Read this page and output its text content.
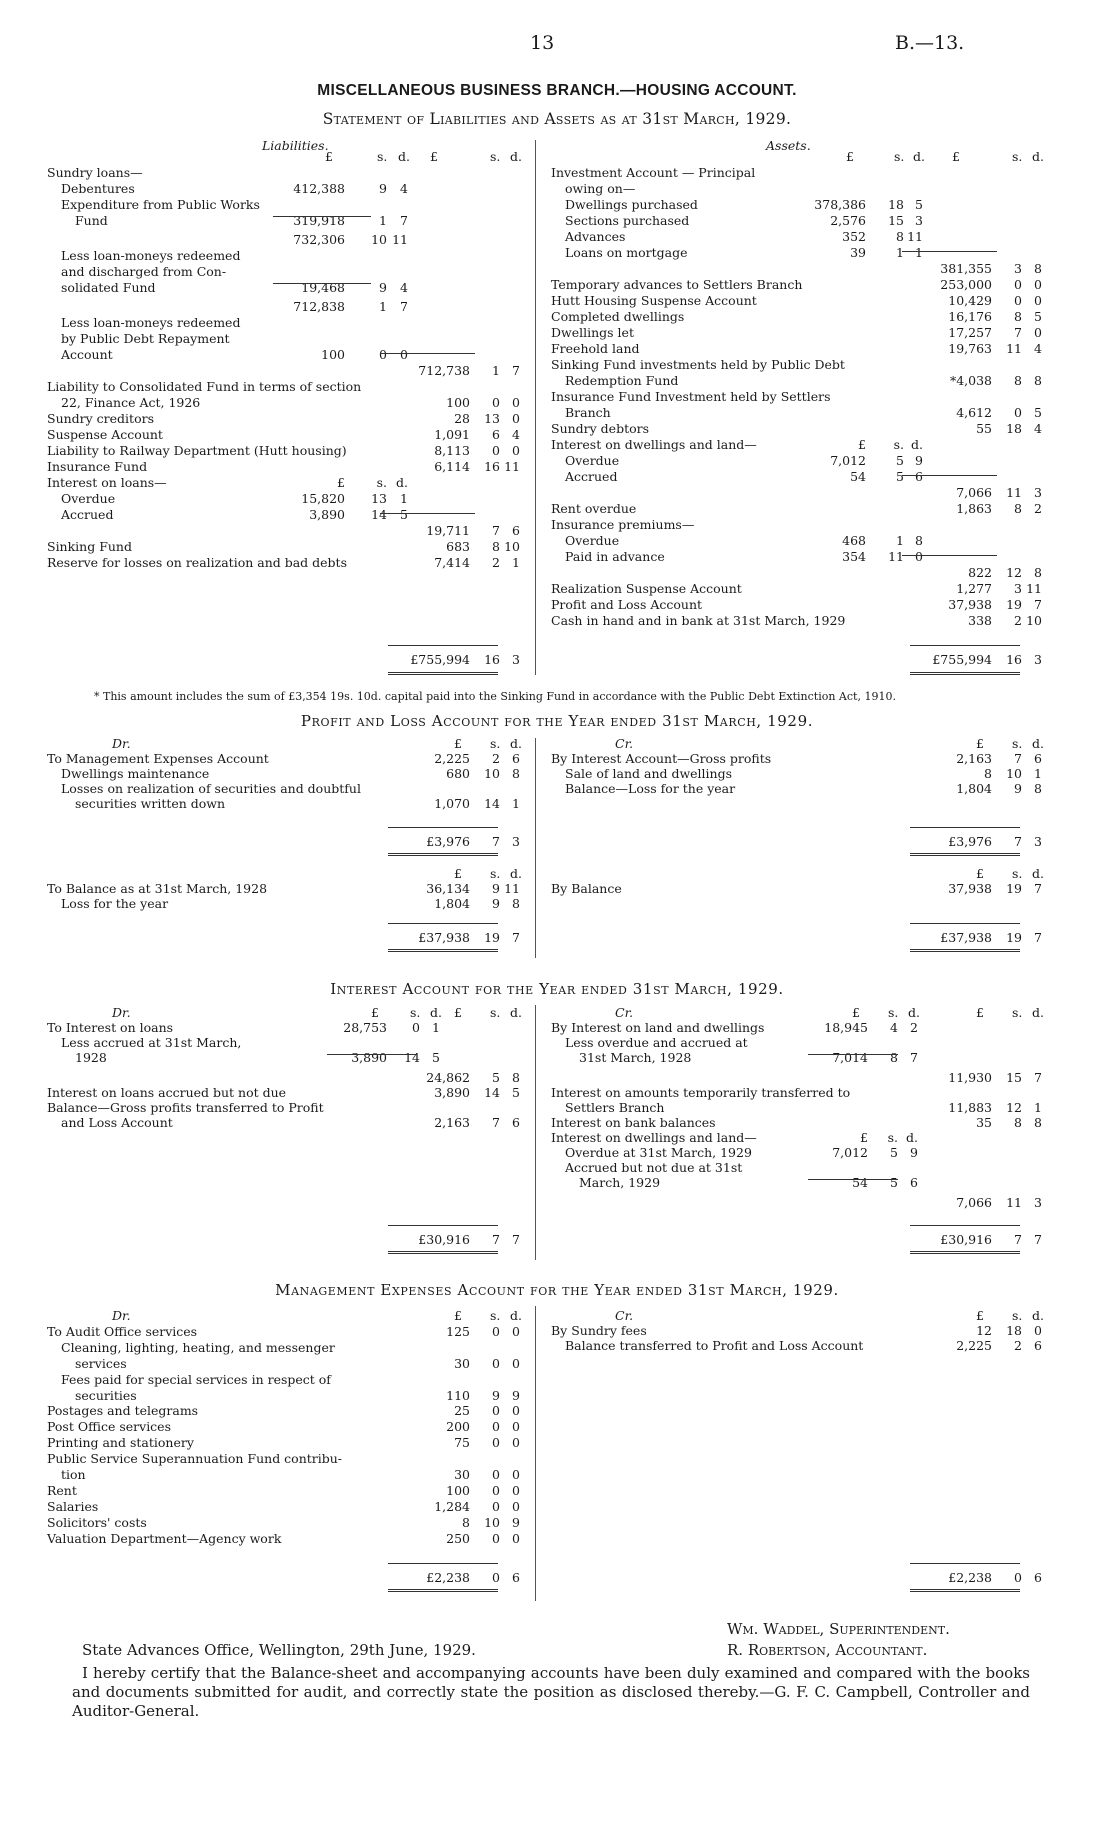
13	B.—13.
MISCELLANEOUS BUSINESS BRANCH.—HOUSING ACCOUNT.
Statement of Liabilities and Assets as at 31st March, 1929.
Liabilities.
£	s. d. £	s. d.
Sundry loans—
Debentures	412,388	9	4
Expenditure from Public Works
Fund	319,918	1	7
732,306	10 11
Less loan-moneys redeemed
and discharged from Con-
solidated Fund	19,468	9	4
712,838	1	7
Less loan-moneys redeemed
by Public Debt Repayment
Account	100	0	0
712,738	1 7
Liability to Consolidated Fund in terms of section
22, Finance Act, 1926	100	0 0
Sundry creditors	28	13 0
Suspense Account	1,091	6 4
Liability to Railway Department (Hutt housing)	8,113	0 0
Insurance Fund	6,114	16 11
Interest on loans—	£	s. d.
Overdue	15,820	13	1
Accrued	3,890	14	5
19,711	7 6
Sinking Fund	683	8 10
Reserve for losses on realization and bad debts	7,414	2 1
£755,994	16 3
Assets.
£	s. d. £	s. d.
Investment Account — Principal
owing on—
Dwellings purchased	378,386	18 5
Sections purchased	2,576	15 3
Advances	352	8 11
Loans on mortgage	39	1 1
381,355	3 8
Temporary advances to Settlers Branch	253,000	0 0
Hutt Housing Suspense Account	10,429	0 0
Completed dwellings	16,176	8 5
Dwellings let	17,257	7 0
Freehold land	19,763	11 4
Sinking Fund investments held by Public Debt
Redemption Fund	*4,038	8 8
Insurance Fund Investment held by Settlers
Branch	4,612	0 5
Sundry debtors	55	18 4
Interest on dwellings and land—	£	s. d.
Overdue	7,012	5 9
Accrued	54	5 6
7,066	11 3
Rent overdue	1,863	8 2
Insurance premiums—
Overdue	468	1 8
Paid in advance	354	11 0
822	12 8
Realization Suspense Account	1,277	3 11
Profit and Loss Account	37,938	19 7
Cash in hand and in bank at 31st March, 1929	338	2 10
£755,994	16 3
* This amount includes the sum of £3,354 19s. 10d. capital paid into the Sinking Fund in accordance with the Public Debt Extinction Act, 1910.
Profit and Loss Account for the Year ended 31st March, 1929.
Dr.	Cr.
£ s. d.	£ s. d.
To Management Expenses Account	2,225	2 6
Dwellings maintenance	680	10 8
Losses on realization of securities and doubtful
securities written down	1,070	14 1
By Interest Account—Gross profits	2,163	7 6
Sale of land and dwellings	8	10 1
Balance—Loss for the year	1,804	9 8
£3,976	7 3	£3,976	7 3
£ s. d.	£ s. d.
To Balance as at 31st March, 1928	36,134	9 11
Loss for the year	1,804	9 8
By Balance	37,938	19 7
£37,938	19 7	£37,938	19 7
Interest Account for the Year ended 31st March, 1929.
Dr.	Cr.
£ s. d. £ s. d.	£ s. d.	£ s. d.
To Interest on loans	28,753	0 1
Less accrued at 31st March,
1928	3,890	14 5
24,862	5 8
Interest on loans accrued but not due	3,890	14 5
Balance—Gross profits transferred to Profit
and Loss Account	2,163	7 6
By Interest on land and dwellings	18,945	4 2
Less overdue and accrued at
31st March, 1928	7,014	8 7
11,930	15 7
Interest on amounts temporarily transferred to
Settlers Branch	11,883	12 1
Interest on bank balances	35	8 8
Interest on dwellings and land—	£	s. d.
Overdue at 31st March, 1929	7,012	5 9
Accrued but not due at 31st
March, 1929	54	5 6
7,066	11 3
£30,916	7 7	£30,916	7 7
Management Expenses Account for the Year ended 31st March, 1929.
Dr.	Cr.
£ s. d.	£ s. d.
To Audit Office services	125	0 0
Cleaning, lighting, heating, and messenger
services	30	0 0
Fees paid for special services in respect of
securities	110	9 9
Postages and telegrams	25	0 0
Post Office services	200	0 0
Printing and stationery	75	0 0
Public Service Superannuation Fund contribu-
tion	30	0 0
Rent	100	0 0
Salaries	1,284	0 0
Solicitors' costs	8	10 9
Valuation Department—Agency work	250	0 0
By Sundry fees	12	18 0
Balance transferred to Profit and Loss Account	2,225	2 6
£2,238	0 6	£2,238	0 6
Wm. Waddel, Superintendent.
State Advances Office, Wellington, 29th June, 1929.	R. Robertson, Accountant.
I hereby certify that the Balance-sheet and accompanying accounts have been duly examined and compared with the books and documents submitted for audit, and correctly state the position as disclosed thereby.—G. F. C. Campbell, Controller and Auditor-General.
